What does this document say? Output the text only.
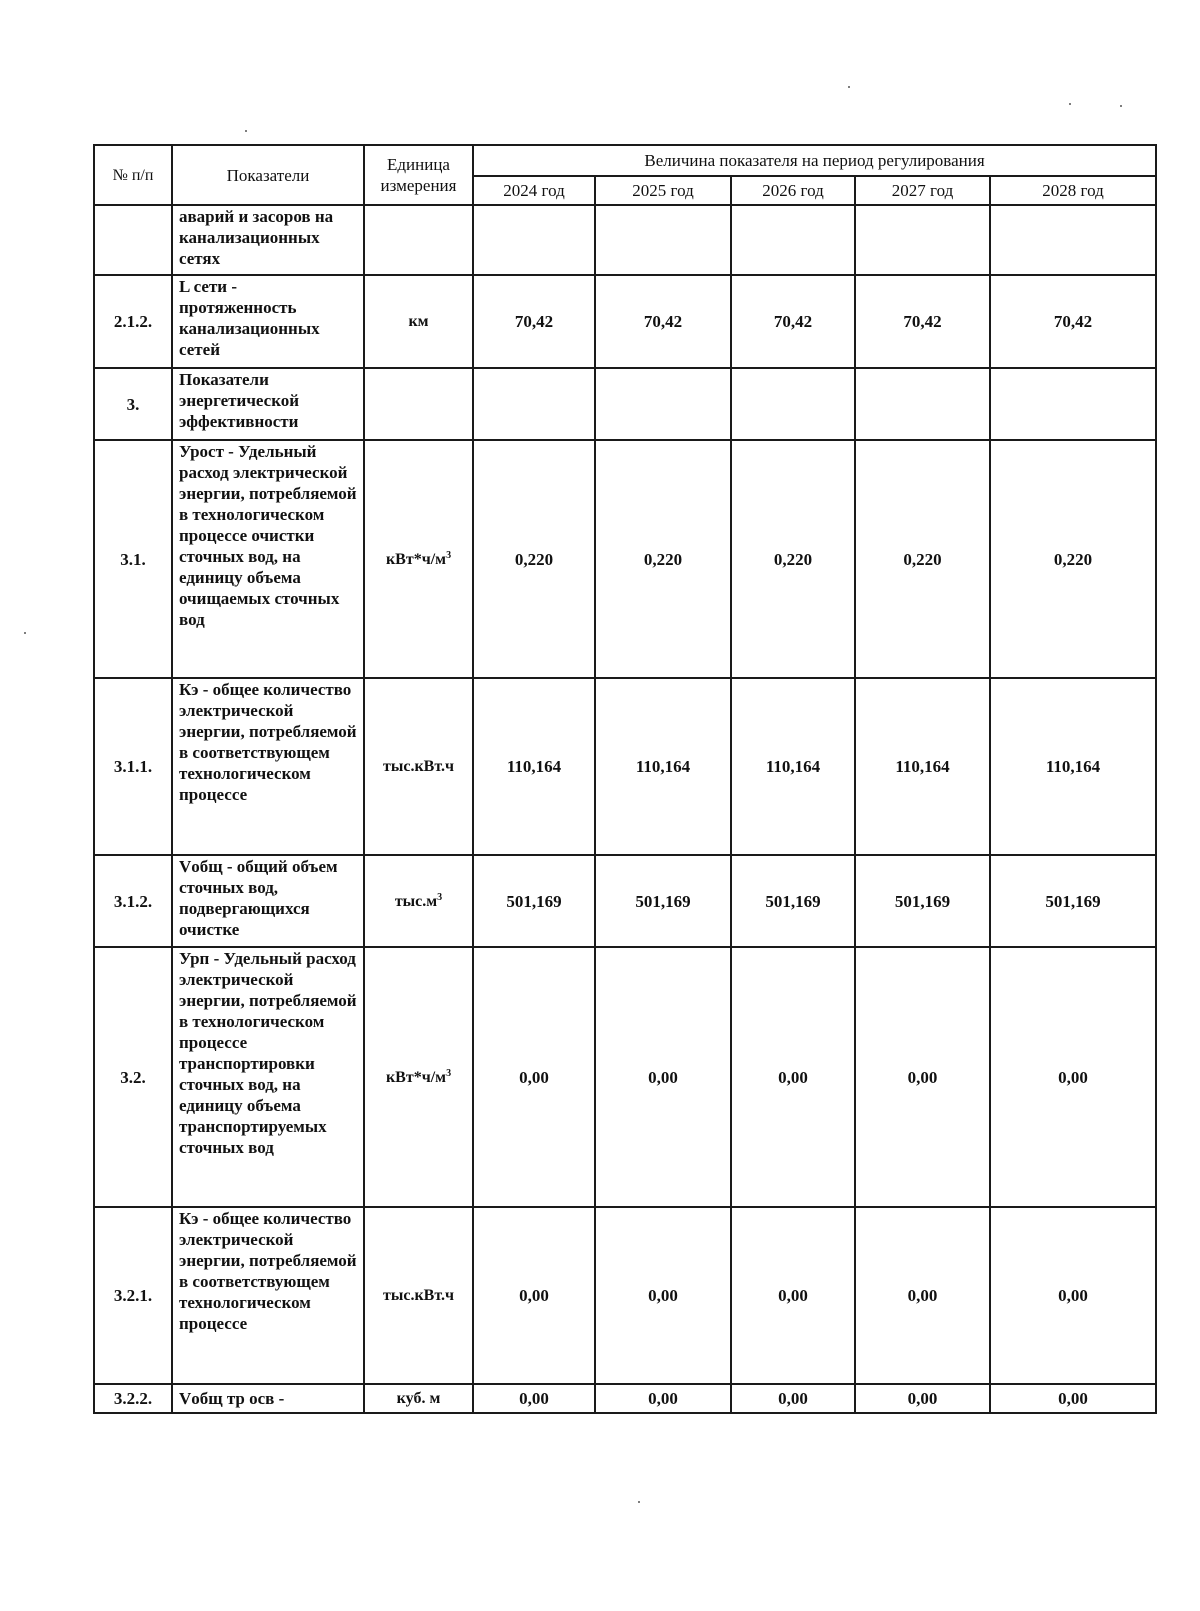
№ п/п	Показатели	Единица измерения	Величина показателя на период регулирования				
			2024 год	2025 год	2026 год	2027 год	2028 год
	аварий и засоров на канализационных сетях						
2.1.2.	L сети - протяженность канализационных сетей	км	70,42	70,42	70,42	70,42	70,42
3.	Показатели энергетической эффективности						
3.1.	Урост - Удельный расход электрической энергии, потребляемой в технологическом процессе очистки сточных вод, на единицу объема очищаемых сточных вод	$кВт*ч/м^3$	0,220	0,220	0,220	0,220	0,220
3.1.1.	Кэ - общее количество электрической энергии, потребляемой в соответствующем технологическом процессе	тыс.кВт.ч	110,164	110,164	110,164	110,164	110,164
3.1.2.	Vобщ - общий объем сточных вод, подвергающихся очистке	$тыс.м^3$	501,169	501,169	501,169	501,169	501,169
3.2.	Урп - Удельный расход электрической энергии, потребляемой в технологическом процессе транспортировки сточных вод, на единицу объема транспортируемых сточных вод	$кВт*ч/м^3$	0,00	0,00	0,00	0,00	0,00
3.2.1.	Кэ - общее количество электрической энергии, потребляемой в соответствующем технологическом процессе	тыс.кВт.ч	0,00	0,00	0,00	0,00	0,00
3.2.2.	Vобщ тр осв -	куб. м	0,00	0,00	0,00	0,00	0,00
